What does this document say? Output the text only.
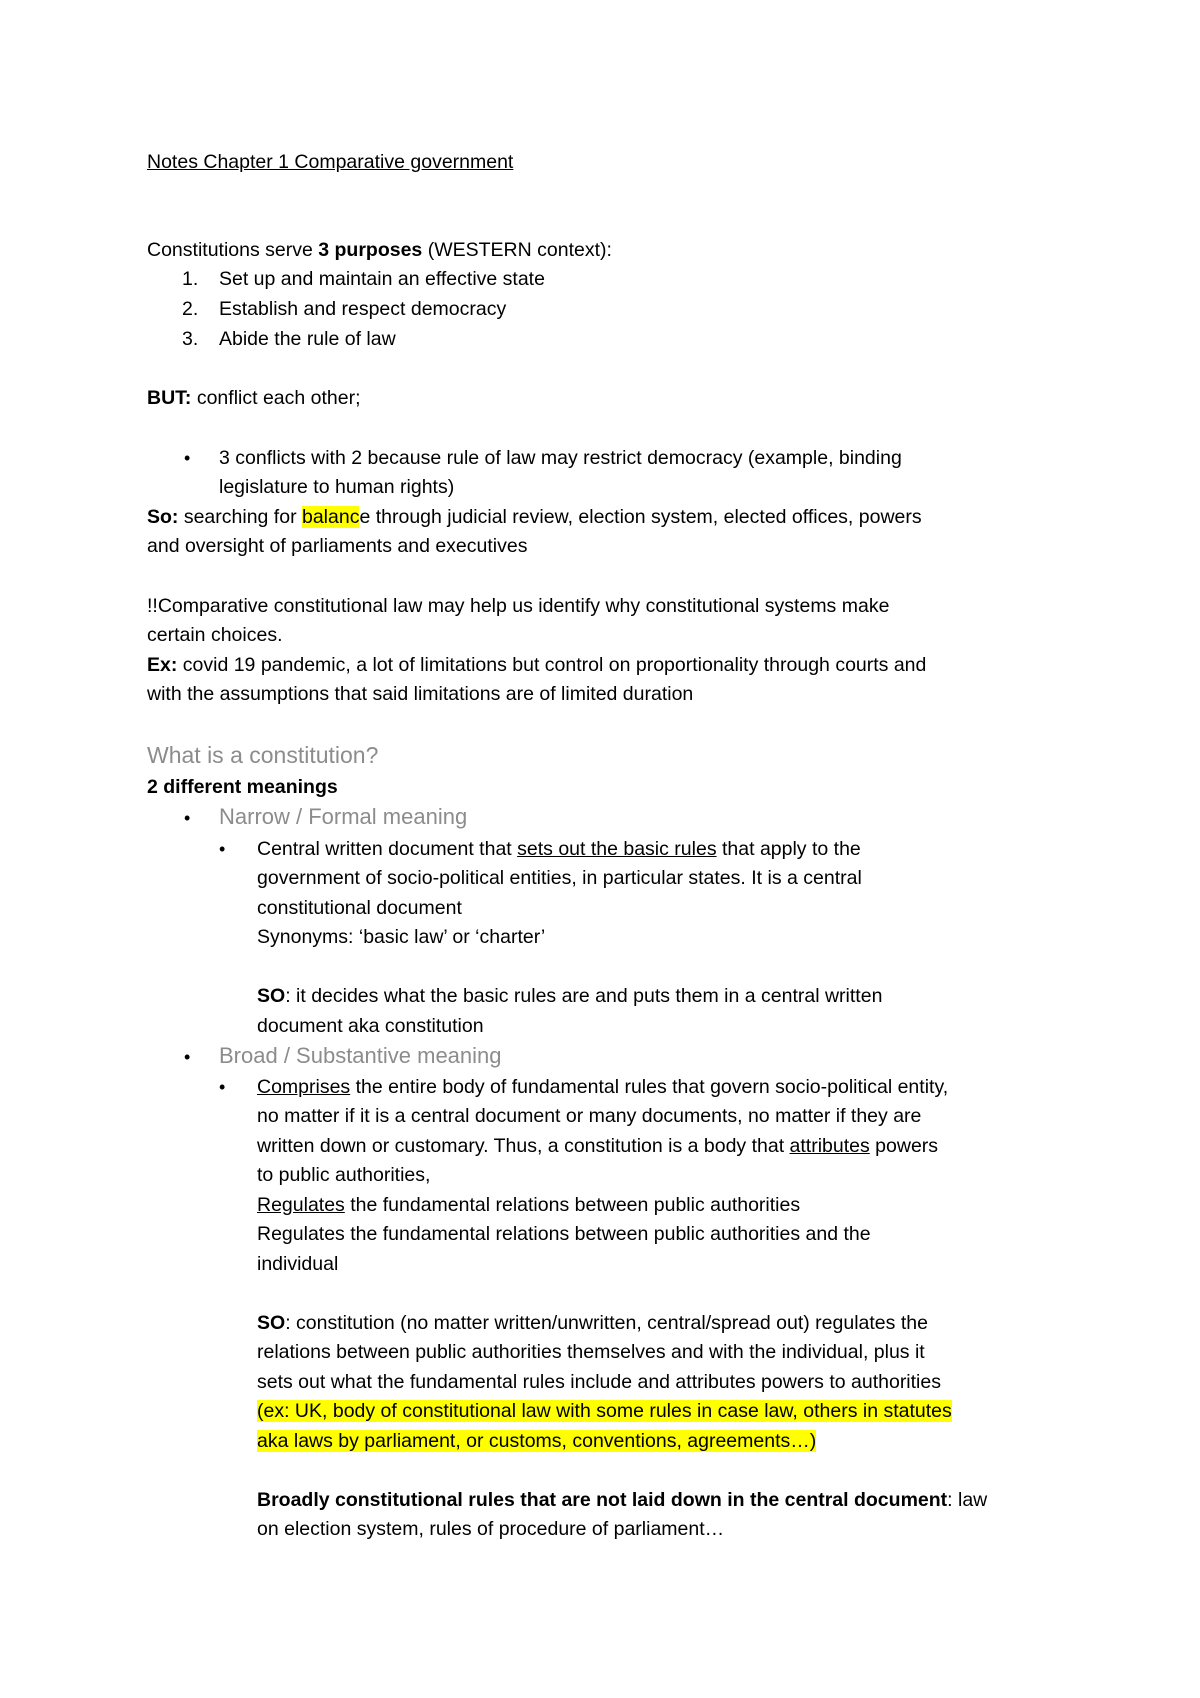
Notes Chapter 1 Comparative government
Constitutions serve 3 purposes (WESTERN context):
1. Set up and maintain an effective state
2. Establish and respect democracy
3. Abide the rule of law
BUT: conflict each other;
• 3 conflicts with 2 because rule of law may restrict democracy (example, binding
legislature to human rights)
So: searching for balance through judicial review, election system, elected offices, powers
and oversight of parliaments and executives
!!Comparative constitutional law may help us identify why constitutional systems make
certain choices.
Ex: covid 19 pandemic, a lot of limitations but control on proportionality through courts and
with the assumptions that said limitations are of limited duration
What is a constitution?
2 different meanings
• Narrow / Formal meaning
• Central written document that sets out the basic rules that apply to the
government of socio-political entities, in particular states. It is a central
constitutional document
Synonyms: ‘basic law’ or ‘charter’
SO: it decides what the basic rules are and puts them in a central written
document aka constitution
• Broad / Substantive meaning
• Comprises the entire body of fundamental rules that govern socio-political entity,
no matter if it is a central document or many documents, no matter if they are
written down or customary. Thus, a constitution is a body that attributes powers
to public authorities,
Regulates the fundamental relations between public authorities
Regulates the fundamental relations between public authorities and the
individual
SO: constitution (no matter written/unwritten, central/spread out) regulates the
relations between public authorities themselves and with the individual, plus it
sets out what the fundamental rules include and attributes powers to authorities
(ex: UK, body of constitutional law with some rules in case law, others in statutes
aka laws by parliament, or customs, conventions, agreements…)
Broadly constitutional rules that are not laid down in the central document: law
on election system, rules of procedure of parliament…
